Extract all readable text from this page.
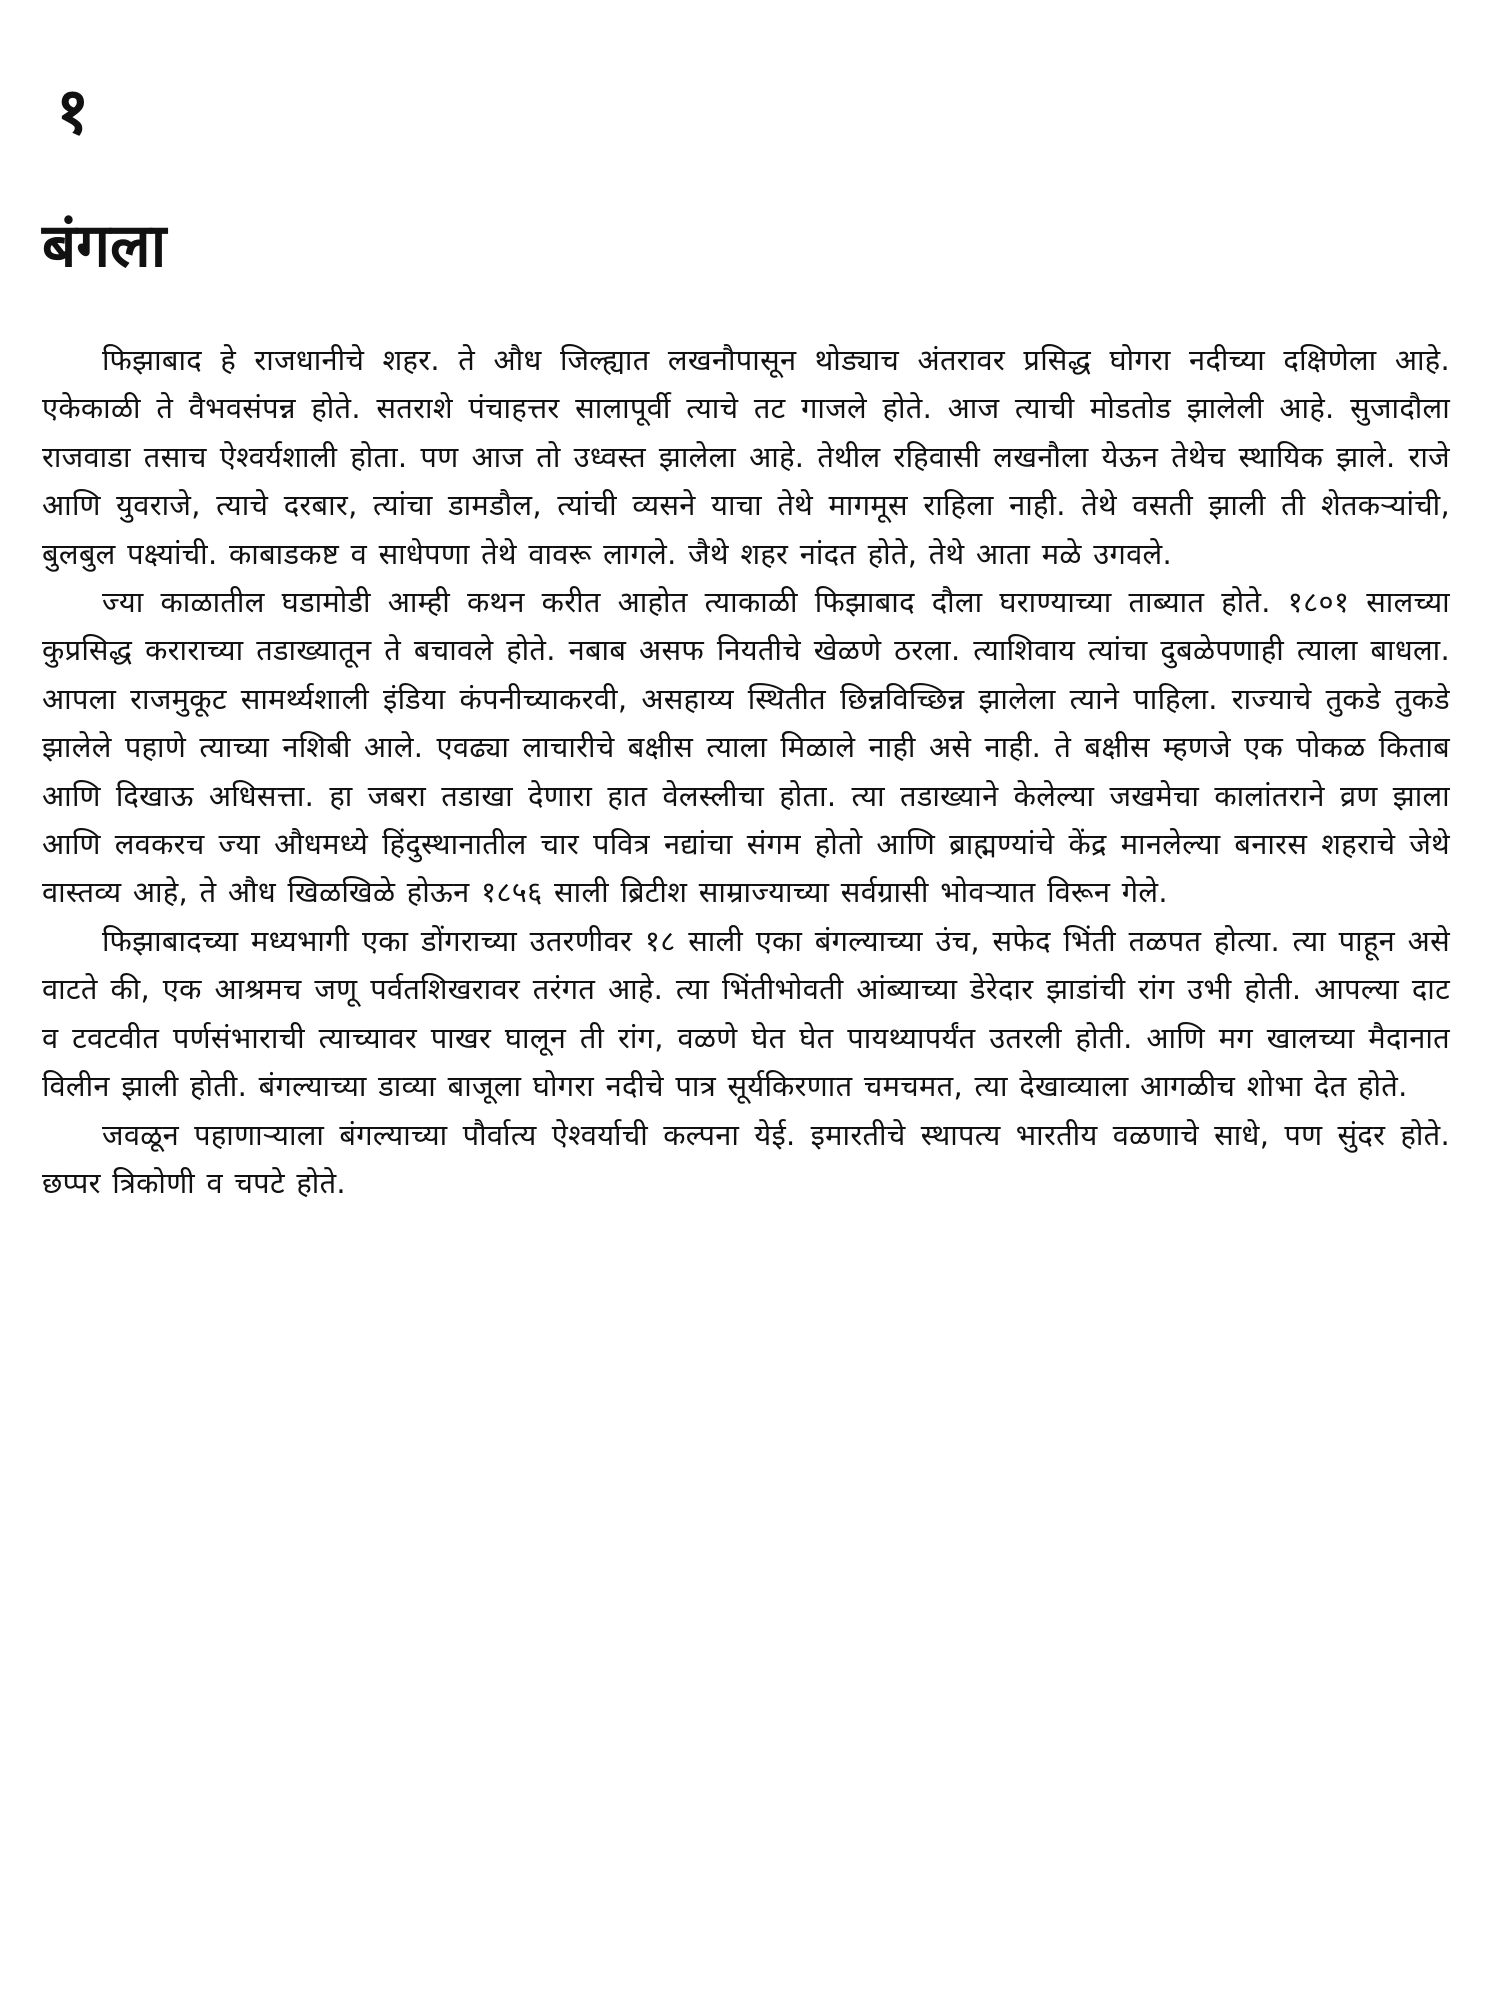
१
बंगला

फिझाबाद हे राजधानीचे शहर. ते औध जिल्ह्यात लखनौपासून थोड्याच अंतरावर प्रसिद्ध घोगरा नदीच्या दक्षिणेला आहे. एकेकाळी ते वैभवसंपन्न होते. सतराशे पंचाहत्तर सालापूर्वी त्याचे तट गाजले होते. आज त्याची मोडतोड झालेली आहे. सुजादौला राजवाडा तसाच ऐश्वर्यशाली होता. पण आज तो उध्वस्त झालेला आहे. तेथील रहिवासी लखनौला येऊन तेथेच स्थायिक झाले. राजे आणि युवराजे, त्याचे दरबार, त्यांचा डामडौल, त्यांची व्यसने याचा तेथे मागमूस राहिला नाही. तेथे वसती झाली ती शेतकऱ्यांची, बुलबुल पक्ष्यांची. काबाडकष्ट व साधेपणा तेथे वावरू लागले. जैथे शहर नांदत होते, तेथे आता मळे उगवले.

ज्या काळातील घडामोडी आम्ही कथन करीत आहोत त्याकाळी फिझाबाद दौला घराण्याच्या ताब्यात होते. १८०१ सालच्या कुप्रसिद्ध कराराच्या तडाख्यातून ते बचावले होते. नबाब असफ नियतीचे खेळणे ठरला. त्याशिवाय त्यांचा दुबळेपणाही त्याला बाधला. आपला राजमुकूट सामर्थ्यशाली इंडिया कंपनीच्याकरवी, असहाय्य स्थितीत छिन्नविच्छिन्न झालेला त्याने पाहिला. राज्याचे तुकडे तुकडे झालेले पहाणे त्याच्या नशिबी आले. एवढ्या लाचारीचे बक्षीस त्याला मिळाले नाही असे नाही. ते बक्षीस म्हणजे एक पोकळ किताब आणि दिखाऊ अधिसत्ता. हा जबरा तडाखा देणारा हात वेलस्लीचा होता. त्या तडाख्याने केलेल्या जखमेचा कालांतराने व्रण झाला आणि लवकरच ज्या औधमध्ये हिंदुस्थानातील चार पवित्र नद्यांचा संगम होतो आणि ब्राह्मण्यांचे केंद्र मानलेल्या बनारस शहराचे जेथे वास्तव्य आहे, ते औध खिळखिळे होऊन १८५६ साली ब्रिटीश साम्राज्याच्या सर्वग्रासी भोवऱ्यात विरून गेले.

फिझाबादच्या मध्यभागी एका डोंगराच्या उतरणीवर १८ साली एका बंगल्याच्या उंच, सफेद भिंती तळपत होत्या. त्या पाहून असे वाटते की, एक आश्रमच जणू पर्वतशिखरावर तरंगत आहे. त्या भिंतीभोवती आंब्याच्या डेरेदार झाडांची रांग उभी होती. आपल्या दाट व टवटवीत पर्णसंभाराची त्याच्यावर पाखर घालून ती रांग, वळणे घेत घेत पायथ्यापर्यंत उतरली होती. आणि मग खालच्या मैदानात विलीन झाली होती. बंगल्याच्या डाव्या बाजूला घोगरा नदीचे पात्र सूर्यकिरणात चमचमत, त्या देखाव्याला आगळीच शोभा देत होते.

जवळून पहाणाऱ्याला बंगल्याच्या पौर्वात्य ऐश्वर्याची कल्पना येई. इमारतीचे स्थापत्य भारतीय वळणाचे साधे, पण सुंदर होते. छप्पर त्रिकोणी व चपटे होते.
